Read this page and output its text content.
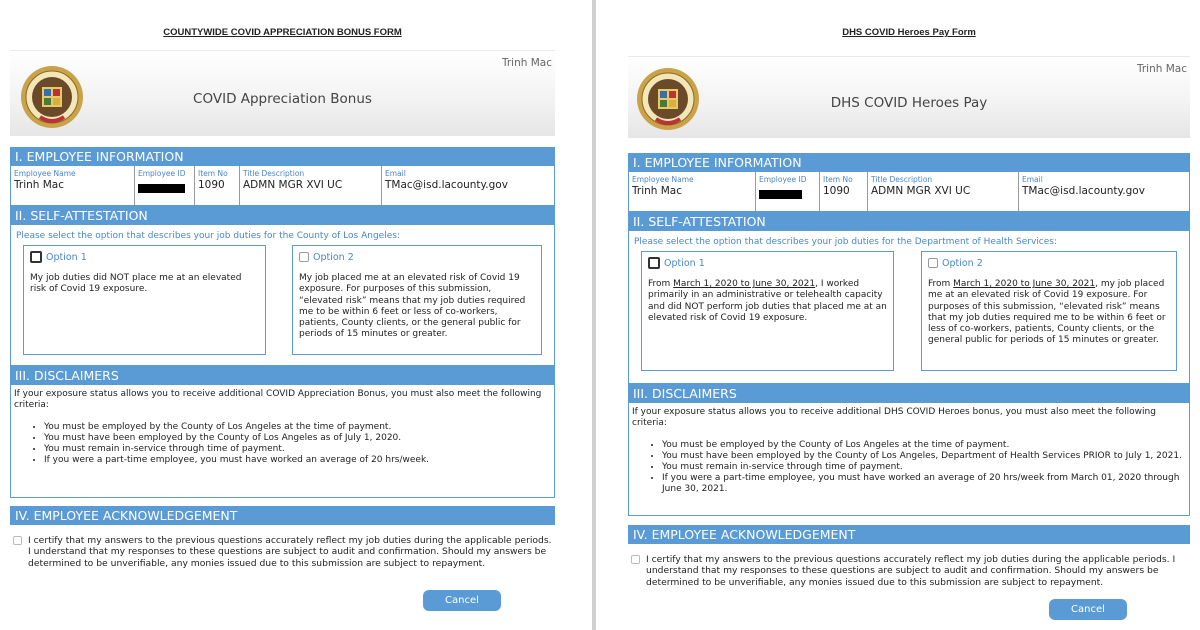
COUNTYWIDE COVID APPRECIATION BONUS FORM
Trinh Mac
COVID Appreciation Bonus
I. EMPLOYEE INFORMATION
Employee Name
Trinh Mac
Employee ID	Item No
1090
Title Description
ADMN MGR XVI UC
Email
TMac@isd.lacounty.gov
II. SELF-ATTESTATION
Please select the option that describes your job duties for the County of Los Angeles:
Option 1
My job duties did NOT place me at an elevated risk of Covid 19 exposure.
Option 2
My job placed me at an elevated risk of Covid 19 exposure. For purposes of this submission, “elevated risk” means that my job duties required me to be within 6 feet or less of co-workers, patients, County clients, or the general public for periods of 15 minutes or greater.
III. DISCLAIMERS
If your exposure status allows you to receive additional COVID Appreciation Bonus, you must also meet the following criteria:
• You must be employed by the County of Los Angeles at the time of payment.
• You must have been employed by the County of Los Angeles as of July 1, 2020.
• You must remain in-service through time of payment.
• If you were a part-time employee, you must have worked an average of 20 hrs/week.
IV. EMPLOYEE ACKNOWLEDGEMENT
I certify that my answers to the previous questions accurately reflect my job duties during the applicable periods. I understand that my responses to these questions are subject to audit and confirmation. Should my answers be determined to be unverifiable, any monies issued due to this submission are subject to repayment.
Cancel
DHS COVID Heroes Pay Form
Trinh Mac
DHS COVID Heroes Pay
I. EMPLOYEE INFORMATION
Employee Name
Trinh Mac
Employee ID	Item No
1090
Title Description
ADMN MGR XVI UC
Email
TMac@isd.lacounty.gov
II. SELF-ATTESTATION
Please select the option that describes your job duties for the Department of Health Services:
Option 1
From March 1, 2020 to June 30, 2021, I worked primarily in an administrative or telehealth capacity and did NOT perform job duties that placed me at an elevated risk of Covid 19 exposure.
Option 2
From March 1, 2020 to June 30, 2021, my job placed me at an elevated risk of Covid 19 exposure. For purposes of this submission, “elevated risk” means that my job duties required me to be within 6 feet or less of co-workers, patients, County clients, or the general public for periods of 15 minutes or greater.
III. DISCLAIMERS
If your exposure status allows you to receive additional DHS COVID Heroes bonus, you must also meet the following criteria:
• You must be employed by the County of Los Angeles at the time of payment.
• You must have been employed by the County of Los Angeles, Department of Health Services PRIOR to July 1, 2021.
• You must remain in-service through time of payment.
• If you were a part-time employee, you must have worked an average of 20 hrs/week from March 01, 2020 through June 30, 2021.
IV. EMPLOYEE ACKNOWLEDGEMENT
I certify that my answers to the previous questions accurately reflect my job duties during the applicable periods. I understand that my responses to these questions are subject to audit and confirmation. Should my answers be determined to be unverifiable, any monies issued due to this submission are subject to repayment.
Cancel
